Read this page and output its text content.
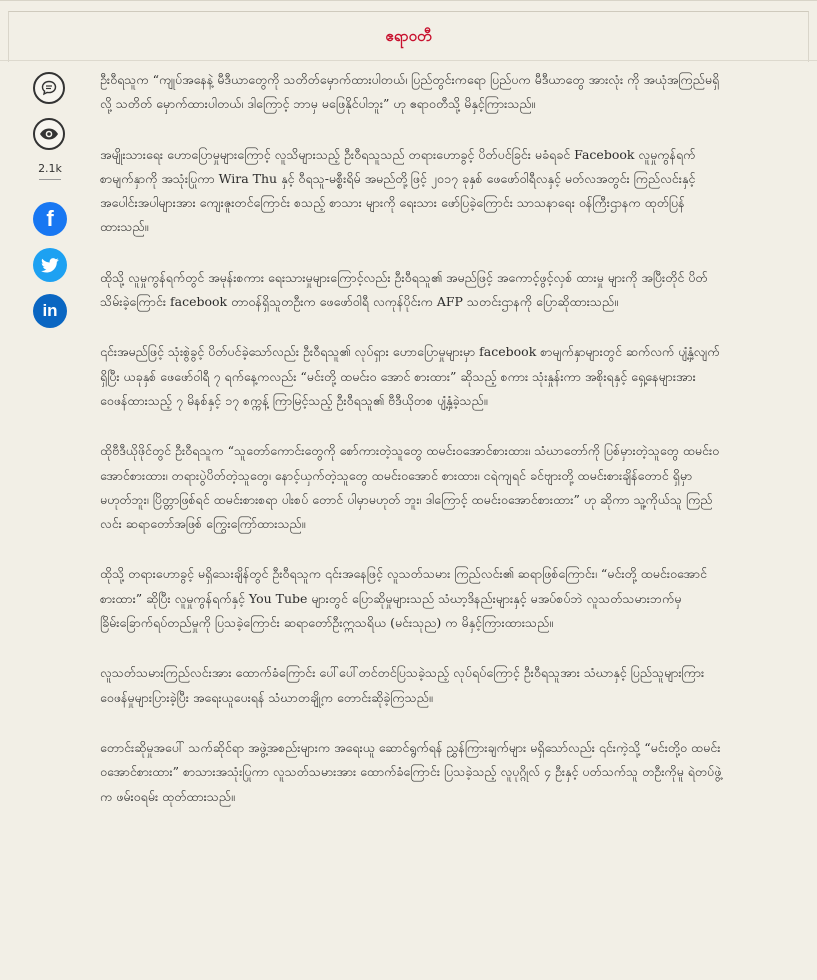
ဧရာဝတီ
2.1k
f
in

ဦးဝီရသူက “ကျုပ်အနေနဲ့ မီဒီယာတွေကို သတိတ်မှောက်ထားပါတယ်၊ ပြည်တွင်းကရော ပြည်ပက မီဒီယာတွေ အားလုံး ကို အယုံအကြည်မရှိလို့ သတိတ် မှောက်ထားပါတယ်၊ ဒါကြောင့် ဘာမှ မဖြေနိုင်ပါဘူး” ဟု ဧရာဝတီသို့ မိနှင့်ကြားသည်။

အမျိုးသားရေး ဟောပြောမှုများကြောင့် လူသိများသည့် ဦးဝီရသူသည် တရားဟောခွင့် ပိတ်ပင်ခြင်း မခံရခင် Facebook လူမှုကွန်ရက် စာမျက်နှာကို အသုံးပြုကာ Wira Thu နှင့် ဝီရသူ-မစ္စီးရိမ် အမည်တို့ဖြင့် ၂၀၁၇ ခုနှစ် ဖေဖော်ဝါရီလနှင့် မတ်လအတွင်း ကြည်လင်းနှင့် အပေါင်းအပါများအား ကျေးဇူးတင်ကြောင်း စသည့် စာသား များကို ရေးသား ဖော်ပြခဲ့ကြောင်း သာသနာရေး ဝန်ကြီးဌာနက ထုတ်ပြန်ထားသည်။

ထိုသို့ လူမှုကွန်ရက်တွင် အမုန်းစကား ရေးသားမှုများကြောင့်လည်း ဦးဝီရသူ၏ အမည်ဖြင့် အကောင့်ဖွင့်လှစ် ထားမှု များကို အပြီးတိုင် ပိတ်သိမ်းခဲ့ကြောင်း facebook တာဝန်ရှိသူတဦးက ဖေဖော်ဝါရီ လကုန်ပိုင်းက AFP သတင်းဌာနကို ပြောဆိုထားသည်။

၎င်းအမည်ဖြင့် သုံးစွဲခွင့် ပိတ်ပင်ခဲ့သော်လည်း ဦးဝီရသူ၏ လုပ်ရှား ဟောပြောမှုများမှာ facebook စာမျက်နှာများတွင် ဆက်လက် ပျံ့နှံ့လျက်ရှိပြီး ယခုနှစ် ဖေဖော်ဝါရီ ၇ ရက်နေ့ကလည်း “မင်းတို့ ထမင်းဝ အောင် စားထား” ဆိုသည့် စကား သုံးနှုန်းကာ အစိုးရနှင့် ရှေ့နေများအား ဝေဖန်ထားသည့် ၇ မိနစ်နှင့် ၁၇ စက္ကန့် ကြာမြင့်သည့် ဦးဝီရသူ၏ ဗီဒီယိုတစ ပျံ့နှံ့ခဲ့သည်။

ထိုဗီဒီယိုဖိုင်တွင် ဦးဝီရသူက “သူတော်ကောင်းတွေကို စော်ကားတဲ့သူတွေ ထမင်းဝအောင်စားထား၊ သံဃာတော်ကို ပြစ်မှားတဲ့သူတွေ ထမင်းဝအောင်စားထား၊ တရားပွဲပိတ်တဲ့သူတွေ၊ နောင့်ယှက်တဲ့သူတွေ ထမင်းဝအောင် စားထား၊ ငရဲကျရင် ခင်ဗျားတို့ ထမင်းစားချိန်တောင် ရှိမှာမဟုတ်ဘူး၊ ပြိတ္တာဖြစ်ရင် ထမင်းစားစရာ ပါးစပ် တောင် ပါမှာမဟုတ် ဘူး၊ ဒါကြောင့် ထမင်းဝအောင်စားထား” ဟု ဆိုကာ သူ့ကိုယ်သူ ကြည်လင်း ဆရာတော်အဖြစ် ကြွေးကြော်ထားသည်။

ထိုသို့ တရားဟောခွင့် မရှိသေးချိန်တွင် ဦးဝီရသူက ၎င်းအနေဖြင့် လူသတ်သမား ကြည်လင်း၏ ဆရာဖြစ်ကြောင်း၊ “မင်းတို့ ထမင်းဝအောင်စားထား” ဆိုပြီး လူမှုကွန်ရက်နှင့် You Tube များတွင် ပြောဆိုမှုများသည် သံဃာ့ဒိနည်းများနှင့် မအပ်စပ်ဘဲ လူသတ်သမားဘက်မှ ခြိမ်းခြောက်ရပ်တည်မှုကို ပြသခဲ့ကြောင်း ဆရာတော်ဦးဣသရိယ (မင်းသုည) က မိနှင့်ကြားထားသည်။

လူသတ်သမားကြည်လင်းအား ထောက်ခံကြောင်း ပေါ်ပေါ်တင်တင်ပြသခဲ့သည့် လုပ်ရပ်ကြောင့် ဦးဝီရသူအား သံဃာနှင့် ပြည်သူများကြား ဝေဖန်မှုများပြားခဲ့ပြီး အရေးယူပေးရန် သံဃာတချို့က တောင်းဆိုခဲ့ကြသည်။

တောင်းဆိုမှုအပေါ် သက်ဆိုင်ရာ အဖွဲ့အစည်းများက အရေးယူ ဆောင်ရွက်ရန် ညွှန်ကြားချက်များ မရှိသော်လည်း ၎င်းကဲ့သို့ “မင်းတို့ဝ ထမင်းဝအောင်စားထား” စာသားအသုံးပြုကာ လူသတ်သမားအား ထောက်ခံကြောင်း ပြသခဲ့သည့် လူပုဂ္ဂိုလ် ၄ ဦးနှင့် ပတ်သက်သူ တဦးကိုမူ ရဲတပ်ဖွဲ့က ဖမ်းဝရမ်း ထုတ်ထားသည်။
